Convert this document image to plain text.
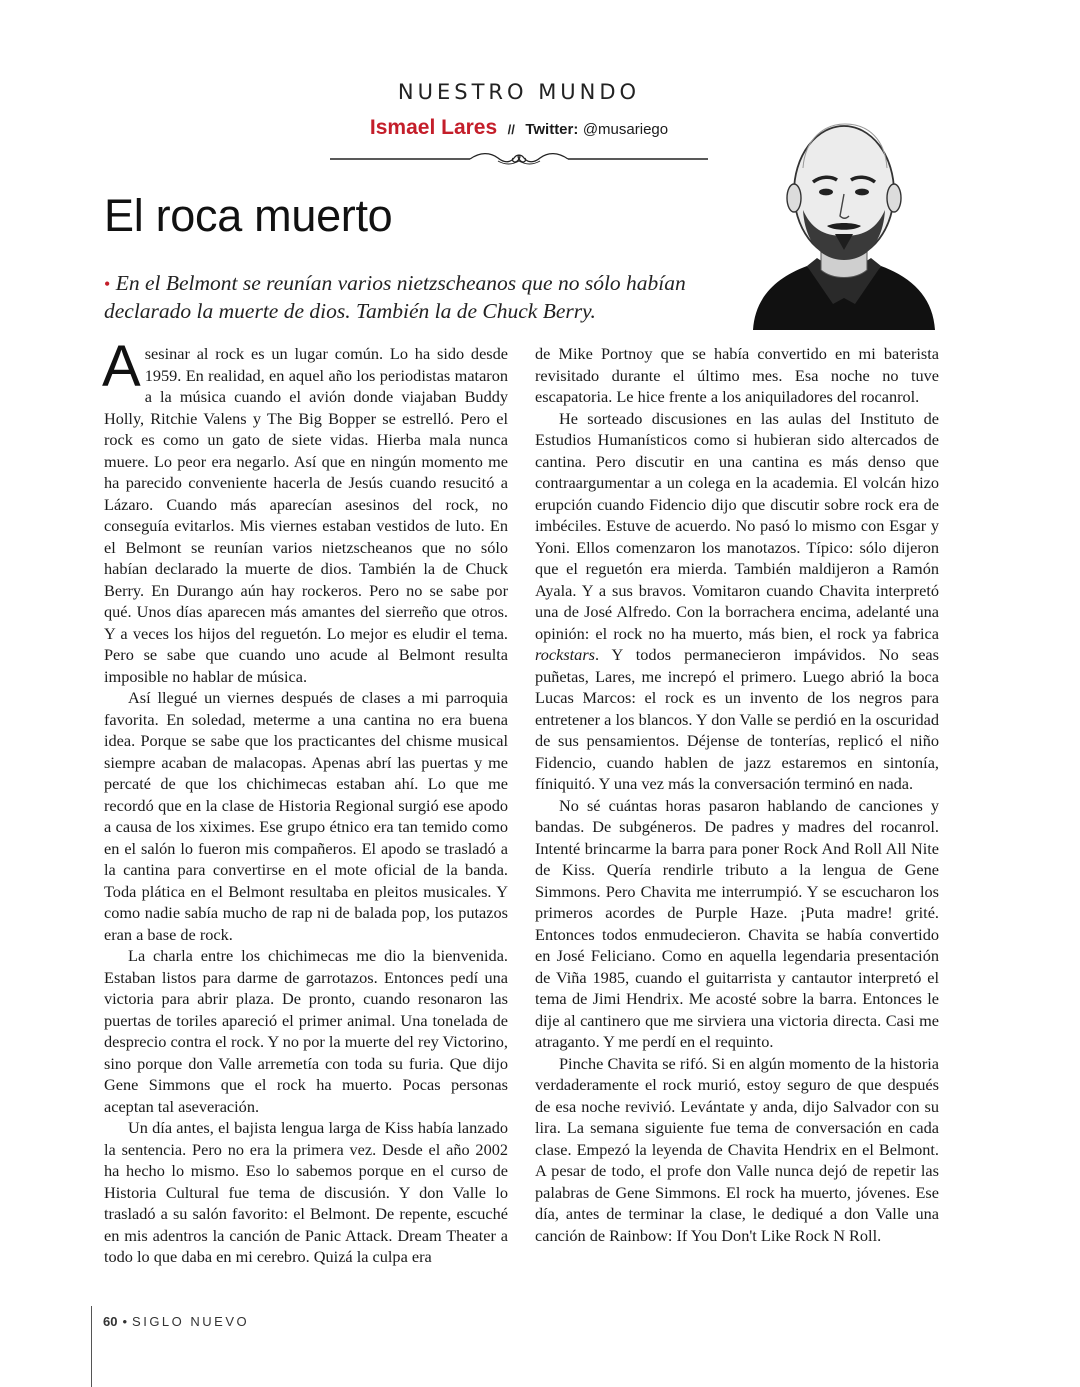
NUESTRO MUNDO
Ismael Lares // Twitter: @musariego
El roca muerto

• En el Belmont se reunían varios nietzscheanos que no sólo habían declarado la muerte de dios. También la de Chuck Berry.

Asesinar al rock es un lugar común. Lo ha sido desde 1959. En realidad, en aquel año los periodistas mataron a la música cuando el avión donde viajaban Buddy Holly, Ritchie Valens y The Big Bopper se estrelló. Pero el rock es como un gato de siete vidas. Hierba mala nunca muere. Lo peor era negarlo. Así que en ningún momento me ha parecido conveniente hacerla de Jesús cuando resucitó a Lázaro. Cuando más aparecían asesinos del rock, no conseguía evitarlos. Mis viernes estaban vestidos de luto. En el Belmont se reunían varios nietzscheanos que no sólo habían declarado la muerte de dios. También la de Chuck Berry. En Durango aún hay rockeros. Pero no se sabe por qué. Unos días aparecen más amantes del sierreño que otros. Y a veces los hijos del reguetón. Lo mejor es eludir el tema. Pero se sabe que cuando uno acude al Belmont resulta imposible no hablar de música.

Así llegué un viernes después de clases a mi parroquia favorita. En soledad, meterme a una cantina no era buena idea. Porque se sabe que los practicantes del chisme musical siempre acaban de malacopas. Apenas abrí las puertas y me percaté de que los chichimecas estaban ahí. Lo que me recordó que en la clase de Historia Regional surgió ese apodo a causa de los xiximes. Ese grupo étnico era tan temido como en el salón lo fueron mis compañeros. El apodo se trasladó a la cantina para convertirse en el mote oficial de la banda. Toda plática en el Belmont resultaba en pleitos musicales. Y como nadie sabía mucho de rap ni de balada pop, los putazos eran a base de rock.

La charla entre los chichimecas me dio la bienvenida. Estaban listos para darme de garrotazos. Entonces pedí una victoria para abrir plaza. De pronto, cuando resonaron las puertas de toriles apareció el primer animal. Una tonelada de desprecio contra el rock. Y no por la muerte del rey Victorino, sino porque don Valle arremetía con toda su furia. Que dijo Gene Simmons que el rock ha muerto. Pocas personas aceptan tal aseveración.

Un día antes, el bajista lengua larga de Kiss había lanzado la sentencia. Pero no era la primera vez. Desde el año 2002 ha hecho lo mismo. Eso lo sabemos porque en el curso de Historia Cultural fue tema de discusión. Y don Valle lo trasladó a su salón favorito: el Belmont. De repente, escuché en mis adentros la canción de Panic Attack. Dream Theater a todo lo que daba en mi cerebro. Quizá la culpa era

de Mike Portnoy que se había convertido en mi baterista revisitado durante el último mes. Esa noche no tuve escapatoria. Le hice frente a los aniquiladores del rocanrol.

He sorteado discusiones en las aulas del Instituto de Estudios Humanísticos como si hubieran sido altercados de cantina. Pero discutir en una cantina es más denso que contraargumentar a un colega en la academia. El volcán hizo erupción cuando Fidencio dijo que discutir sobre rock era de imbéciles. Estuve de acuerdo. No pasó lo mismo con Esgar y Yoni. Ellos comenzaron los manotazos. Típico: sólo dijeron que el reguetón era mierda. También maldijeron a Ramón Ayala. Y a sus bravos. Vomitaron cuando Chavita interpretó una de José Alfredo. Con la borrachera encima, adelanté una opinión: el rock no ha muerto, más bien, el rock ya fabrica rockstars. Y todos permanecieron impávidos. No seas puñetas, Lares, me increpó el primero. Luego abrió la boca Lucas Marcos: el rock es un invento de los negros para entretener a los blancos. Y don Valle se perdió en la oscuridad de sus pensamientos. Déjense de tonterías, replicó el niño Fidencio, cuando hablen de jazz estaremos en sintonía, fíniquitó. Y una vez más la conversación terminó en nada.

No sé cuántas horas pasaron hablando de canciones y bandas. De subgéneros. De padres y madres del rocanrol. Intenté brincarme la barra para poner Rock And Roll All Nite de Kiss. Quería rendirle tributo a la lengua de Gene Simmons. Pero Chavita me interrumpió. Y se escucharon los primeros acordes de Purple Haze. ¡Puta madre! grité. Entonces todos enmudecieron. Chavita se había convertido en José Feliciano. Como en aquella legendaria presentación de Viña 1985, cuando el guitarrista y cantautor interpretó el tema de Jimi Hendrix. Me acosté sobre la barra. Entonces le dije al cantinero que me sirviera una victoria directa. Casi me atraganto. Y me perdí en el requinto.

Pinche Chavita se rifó. Si en algún momento de la historia verdaderamente el rock murió, estoy seguro de que después de esa noche revivió. Levántate y anda, dijo Salvador con su lira. La semana siguiente fue tema de conversación en cada clase. Empezó la leyenda de Chavita Hendrix en el Belmont. A pesar de todo, el profe don Valle nunca dejó de repetir las palabras de Gene Simmons. El rock ha muerto, jóvenes. Ese día, antes de terminar la clase, le dediqué a don Valle una canción de Rainbow: If You Don't Like Rock N Roll.

60 • SIGLO NUEVO
